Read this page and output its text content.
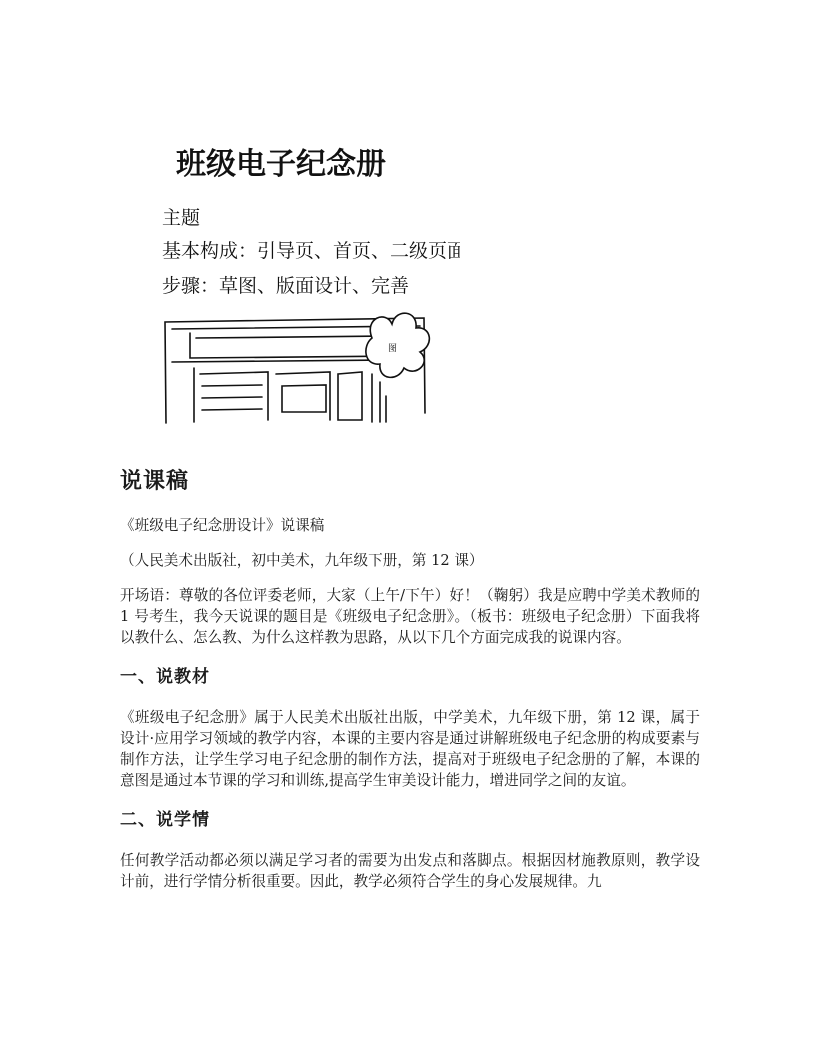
班级电子纪念册
主题
基本构成：引导页、首页、二级页面
步骤：草图、版面设计、完善
图
说课稿

《班级电子纪念册设计》说课稿

（人民美术出版社，初中美术，九年级下册，第 12 课）

开场语：尊敬的各位评委老师，大家（上午/下午）好！（鞠躬）我是应聘中学美术教师的 1 号考生，我今天说课的题目是《班级电子纪念册》。（板书：班级电子纪念册）下面我将以教什么、怎么教、为什么这样教为思路，从以下几个方面完成我的说课内容。

一、说教材

《班级电子纪念册》属于人民美术出版社出版，中学美术，九年级下册，第 12 课，属于设计·应用学习领域的教学内容，本课的主要内容是通过讲解班级电子纪念册的构成要素与制作方法，让学生学习电子纪念册的制作方法，提高对于班级电子纪念册的了解，本课的意图是通过本节课的学习和训练,提高学生审美设计能力，增进同学之间的友谊。

二、说学情

任何教学活动都必须以满足学习者的需要为出发点和落脚点。根据因材施教原则，教学设计前，进行学情分析很重要。因此，教学必须符合学生的身心发展规律。九
